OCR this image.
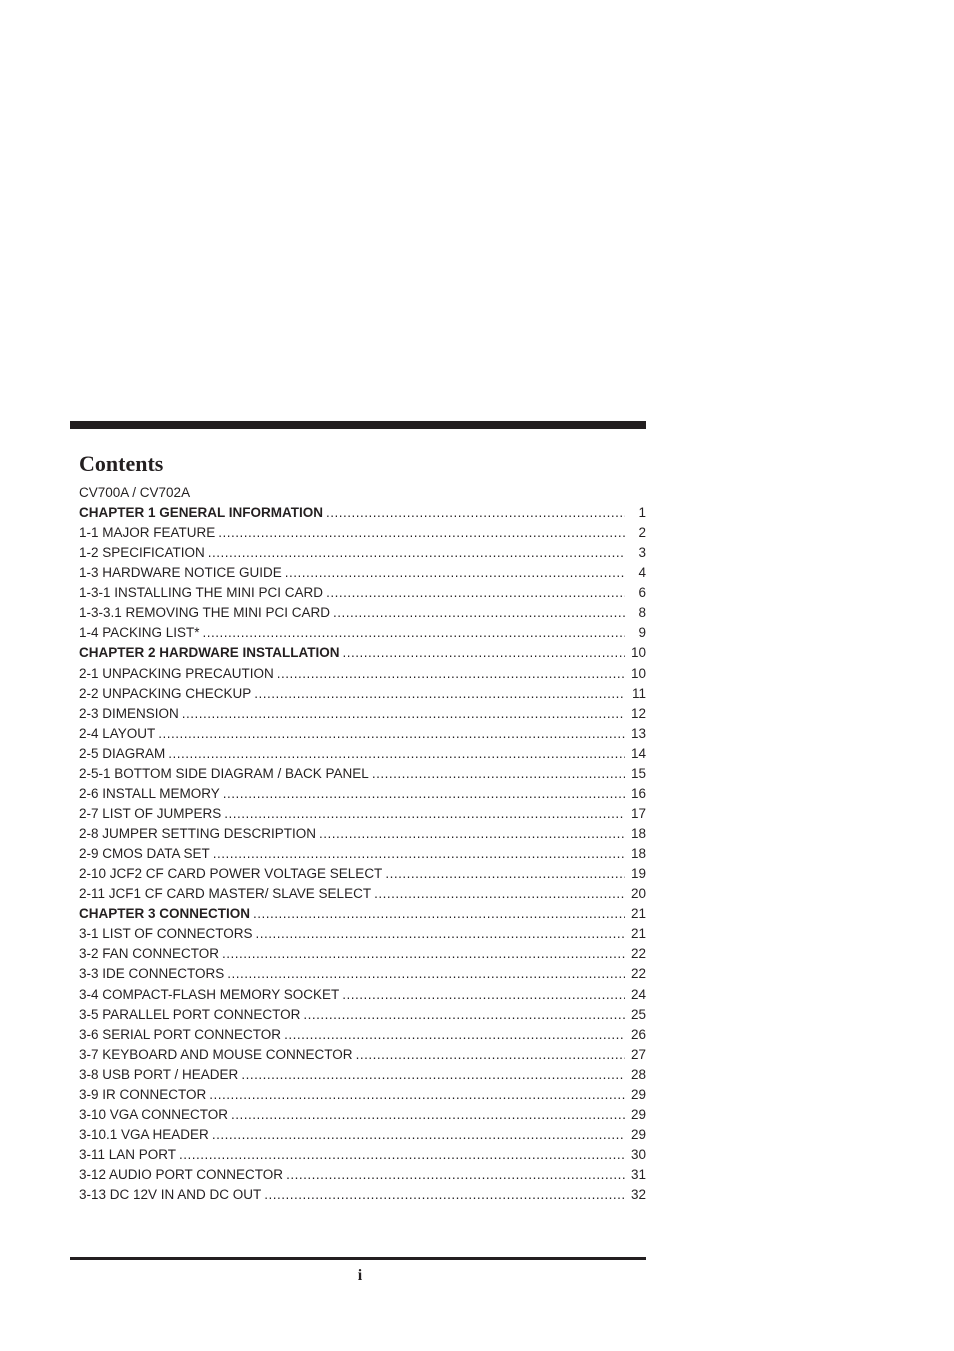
Contents
CV700A / CV702A
CHAPTER 1 GENERAL INFORMATION .....	1
1-1 MAJOR FEATURE .....	2
1-2 SPECIFICATION .....	3
1-3 HARDWARE NOTICE GUIDE .....	4
1-3-1 INSTALLING THE MINI PCI CARD .....	6
1-3-3.1 REMOVING THE MINI PCI CARD .....	8
1-4 PACKING LIST* .....	9
CHAPTER 2 HARDWARE INSTALLATION .....	10
2-1 UNPACKING PRECAUTION .....	10
2-2 UNPACKING CHECKUP .....	11
2-3 DIMENSION .....	12
2-4 LAYOUT .....	13
2-5 DIAGRAM .....	14
2-5-1 BOTTOM SIDE DIAGRAM / BACK PANEL .....	15
2-6 INSTALL MEMORY .....	16
2-7 LIST OF JUMPERS .....	17
2-8 JUMPER SETTING DESCRIPTION .....	18
2-9 CMOS DATA SET .....	18
2-10 JCF2 CF CARD POWER VOLTAGE SELECT .....	19
2-11 JCF1 CF CARD MASTER/ SLAVE SELECT .....	20
CHAPTER 3 CONNECTION .....	21
3-1 LIST OF CONNECTORS .....	21
3-2 FAN CONNECTOR .....	22
3-3 IDE CONNECTORS .....	22
3-4 COMPACT-FLASH MEMORY SOCKET .....	24
3-5 PARALLEL PORT CONNECTOR .....	25
3-6 SERIAL PORT CONNECTOR .....	26
3-7 KEYBOARD AND MOUSE CONNECTOR .....	27
3-8 USB PORT / HEADER .....	28
3-9 IR CONNECTOR .....	29
3-10 VGA CONNECTOR .....	29
3-10.1 VGA HEADER .....	29
3-11 LAN PORT .....	30
3-12 AUDIO PORT CONNECTOR .....	31
3-13 DC 12V IN AND DC OUT .....	32
i
